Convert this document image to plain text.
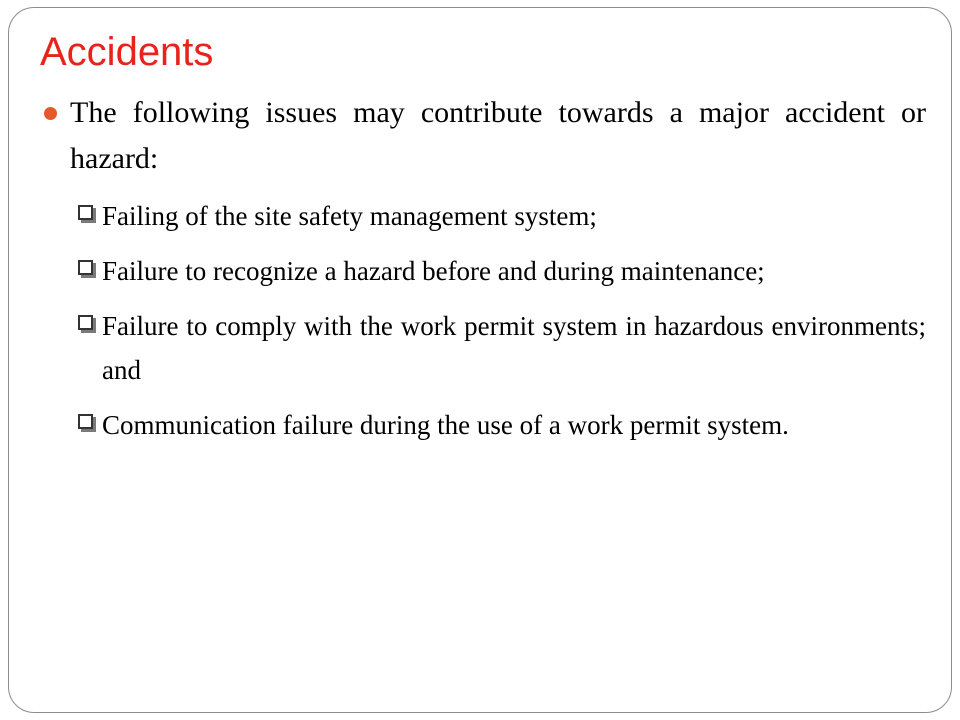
Accidents
The following issues may contribute towards a major accident or hazard:
Failing of the site safety management system;
Failure to recognize a hazard before and during maintenance;
Failure to comply with the work permit system in hazardous environments; and
Communication failure during the use of a work permit system.
